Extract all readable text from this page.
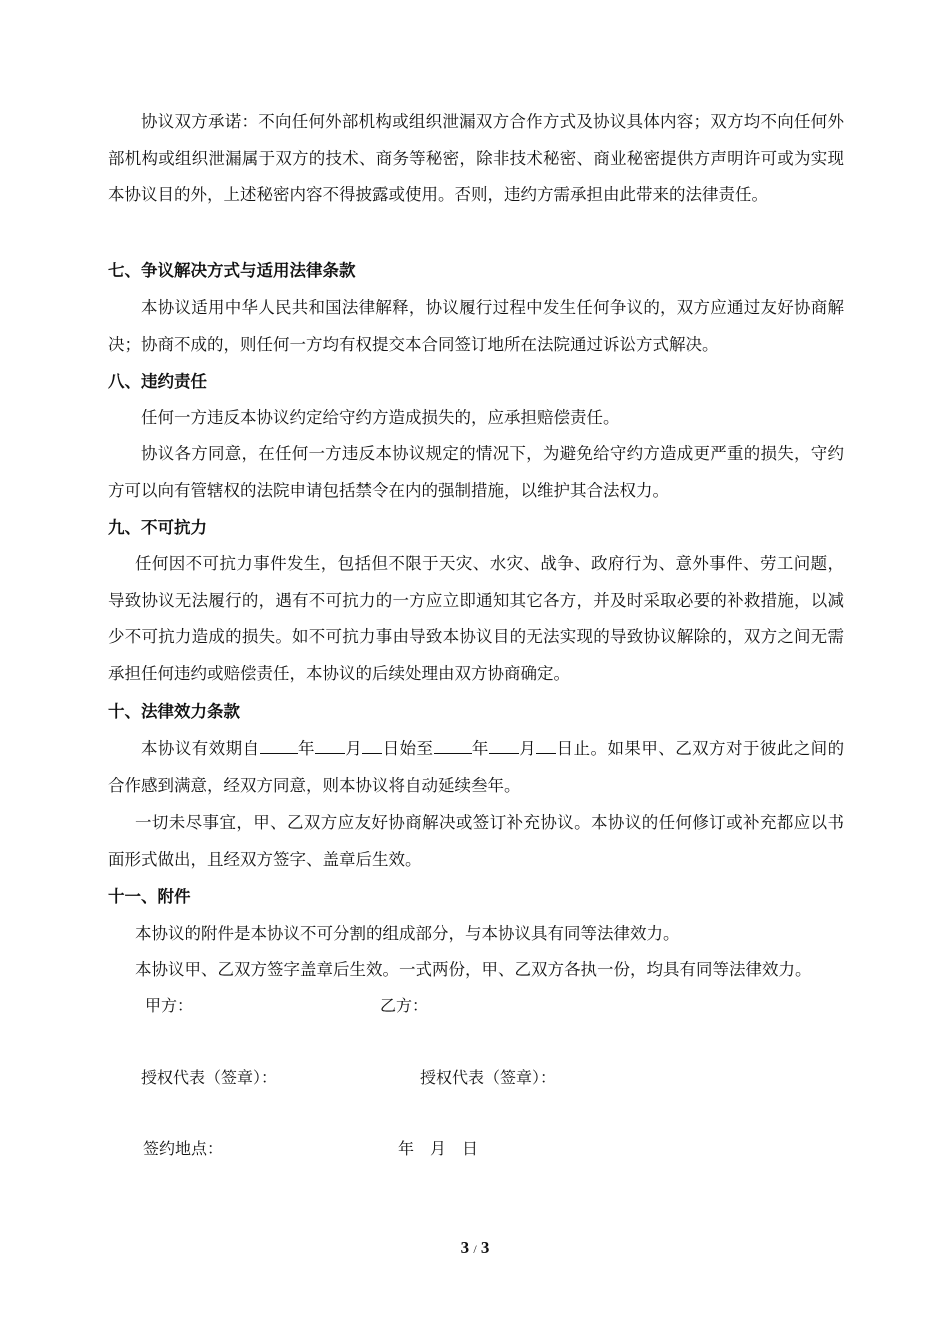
协议双方承诺：不向任何外部机构或组织泄漏双方合作方式及协议具体内容；双方均不向任何外部机构或组织泄漏属于双方的技术、商务等秘密，除非技术秘密、商业秘密提供方声明许可或为实现本协议目的外，上述秘密内容不得披露或使用。否则，违约方需承担由此带来的法律责任。

七、争议解决方式与适用法律条款

本协议适用中华人民共和国法律解释，协议履行过程中发生任何争议的，双方应通过友好协商解决；协商不成的，则任何一方均有权提交本合同签订地所在法院通过诉讼方式解决。

八、违约责任

任何一方违反本协议约定给守约方造成损失的，应承担赔偿责任。

协议各方同意，在任何一方违反本协议规定的情况下，为避免给守约方造成更严重的损失，守约方可以向有管辖权的法院申请包括禁令在内的强制措施，以维护其合法权力。

九、不可抗力

任何因不可抗力事件发生，包括但不限于天灾、水灾、战争、政府行为、意外事件、劳工问题，导致协议无法履行的，遇有不可抗力的一方应立即通知其它各方，并及时采取必要的补救措施，以减少不可抗力造成的损失。如不可抗力事由导致本协议目的无法实现的导致协议解除的，双方之间无需承担任何违约或赔偿责任，本协议的后续处理由双方协商确定。

十、法律效力条款

本协议有效期自 年 月 日始至 年 月 日止。如果甲、乙双方对于彼此之间的合作感到满意，经双方同意，则本协议将自动延续叁年。

一切未尽事宜，甲、乙双方应友好协商解决或签订补充协议。本协议的任何修订或补充都应以书面形式做出，且经双方签字、盖章后生效。

十一、附件

本协议的附件是本协议不可分割的组成部分，与本协议具有同等法律效力。

本协议甲、乙双方签字盖章后生效。一式两份，甲、乙双方各执一份，均具有同等法律效力。

甲方：	乙方：

授权代表（签章）：	授权代表（签章）：

签约地点：	年　月　日

3 / 3
